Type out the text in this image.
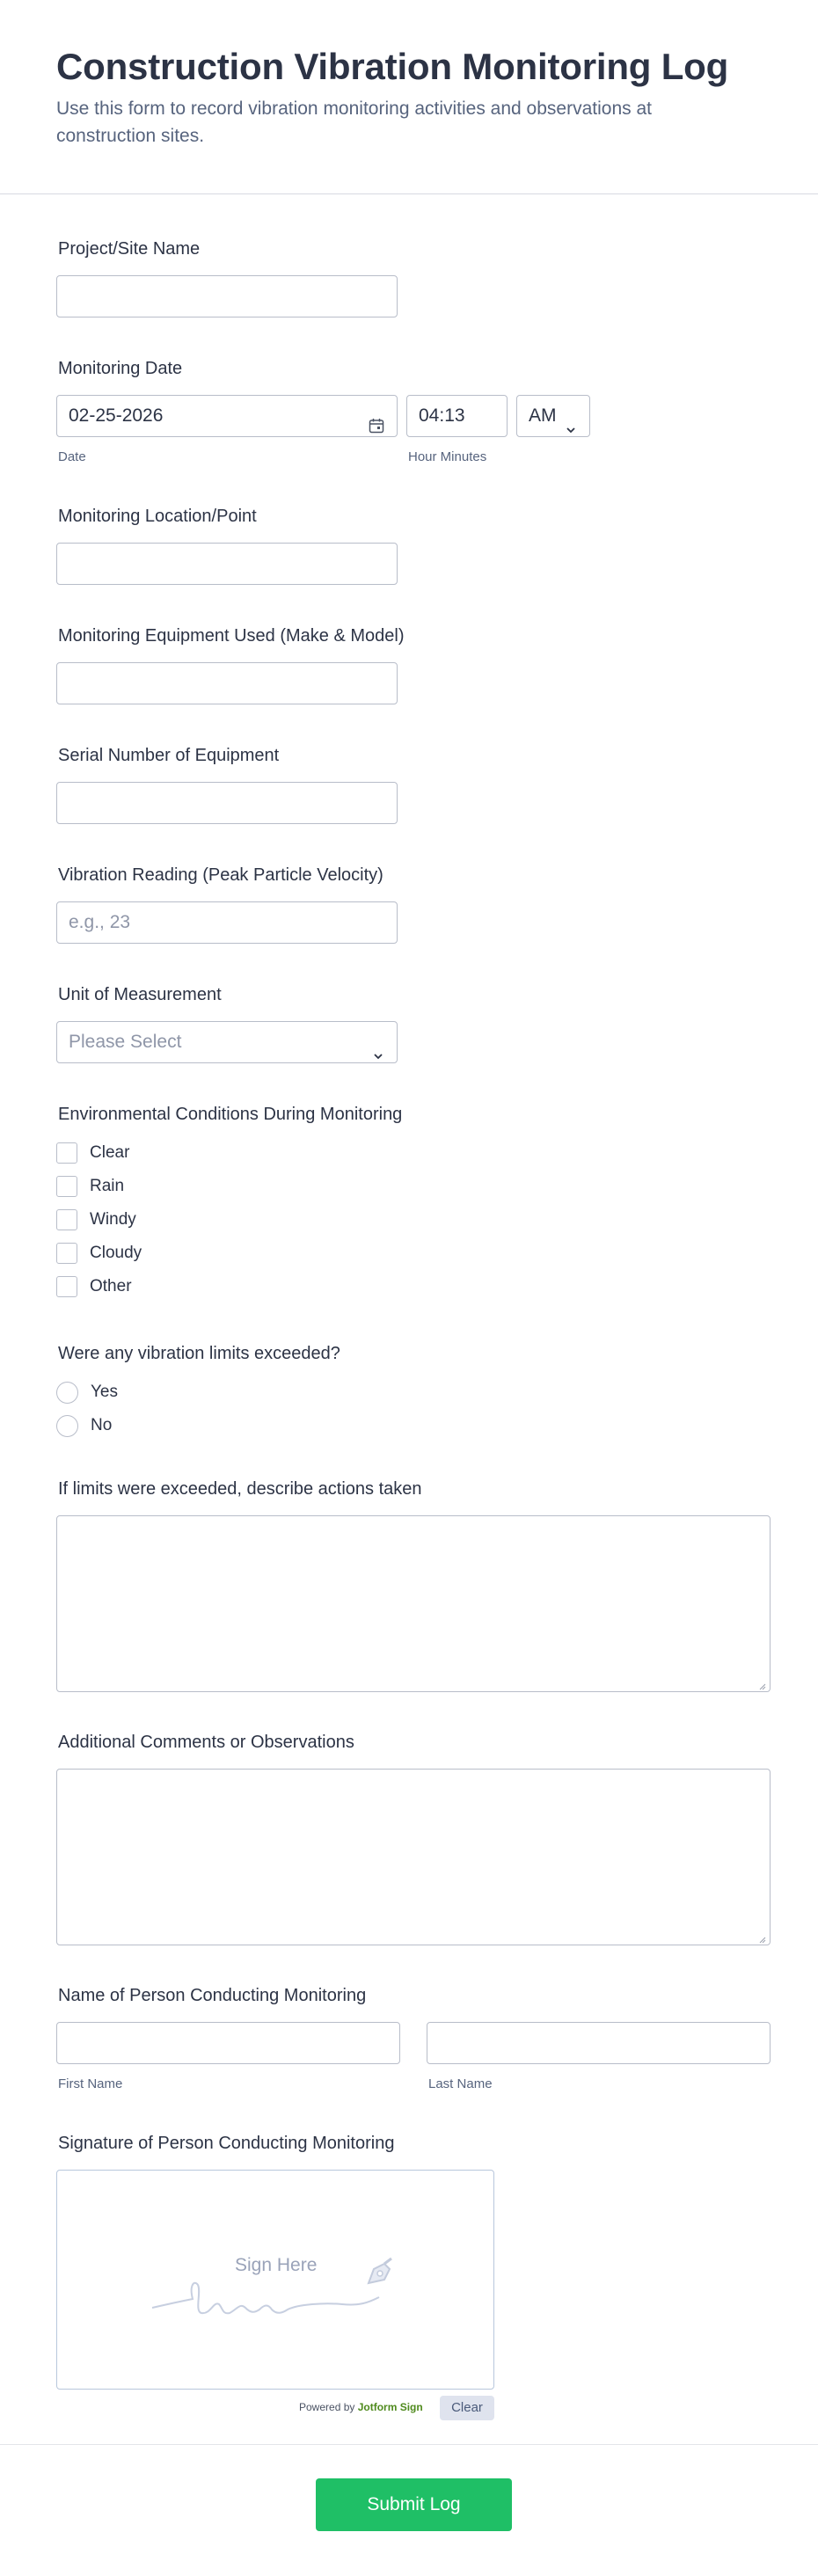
Construction Vibration Monitoring Log
Use this form to record vibration monitoring activities and observations at construction sites.
Project/Site Name
Monitoring Date
02-25-2026
Date
04:13
Hour Minutes
AM
Monitoring Location/Point
Monitoring Equipment Used (Make & Model)
Serial Number of Equipment
Vibration Reading (Peak Particle Velocity)
e.g., 23
Unit of Measurement
Please Select
Environmental Conditions During Monitoring
Clear
Rain
Windy
Cloudy
Other
Were any vibration limits exceeded?
Yes
No
If limits were exceeded, describe actions taken
Additional Comments or Observations
Name of Person Conducting Monitoring
First Name	Last Name
Signature of Person Conducting Monitoring
Sign Here
Powered by Jotform Sign	Clear
Submit Log
